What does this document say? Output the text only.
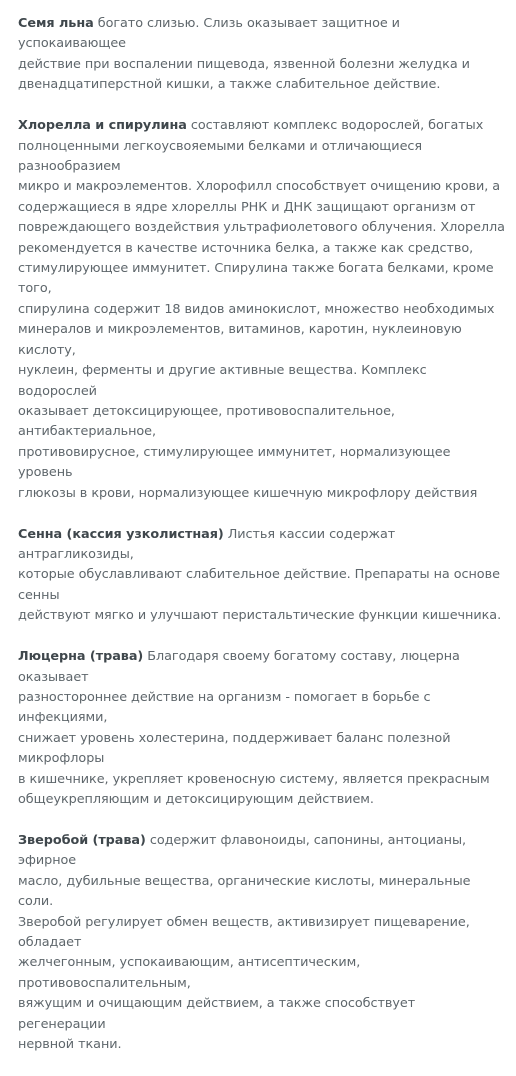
Семя льна богато слизью. Слизь оказывает защитное и успокаивающее
действие при воспалении пищевода, язвенной болезни желудка и
двенадцатиперстной кишки, а также слабительное действие.
Хлорелла и спирулина составляют комплекс водорослей, богатых
полноценными легкоусвояемыми белками и отличающиеся разнообразием
микро и макроэлементов. Хлорофилл способствует очищению крови, а
содержащиеся в ядре хлореллы РНК и ДНК защищают организм от
повреждающего воздействия ультрафиолетового облучения. Хлорелла
рекомендуется в качестве источника белка, а также как средство,
стимулирующее иммунитет. Спирулина также богата белками, кроме того,
спирулина содержит 18 видов аминокислот, множество необходимых
минералов и микроэлементов, витаминов, каротин, нуклеиновую кислоту,
нуклеин, ферменты и другие активные вещества. Комплекс водорослей
оказывает детоксицирующее, противовоспалительное, антибактериальное,
противовирусное, стимулирующее иммунитет, нормализующее уровень
глюкозы в крови, нормализующее кишечную микрофлору действия
Сенна (кассия узколистная) Листья кассии содержат антрагликозиды,
которые обуславливают слабительное действие. Препараты на основе сенны
действуют мягко и улучшают перистальтические функции кишечника.
Люцерна (трава) Благодаря своему богатому составу, люцерна оказывает
разностороннее действие на организм - помогает в борьбе с инфекциями,
снижает уровень холестерина, поддерживает баланс полезной микрофлоры
в кишечнике, укрепляет кровеносную систему, является прекрасным
общеукрепляющим и детоксицирующим действием.
Зверобой (трава) содержит флавоноиды, сапонины, антоцианы, эфирное
масло, дубильные вещества, органические кислоты, минеральные соли.
Зверобой регулирует обмен веществ, активизирует пищеварение, обладает
желчегонным, успокаивающим, антисептическим, противовоспалительным,
вяжущим и очищающим действием, а также способствует регенерации
нервной ткани.
